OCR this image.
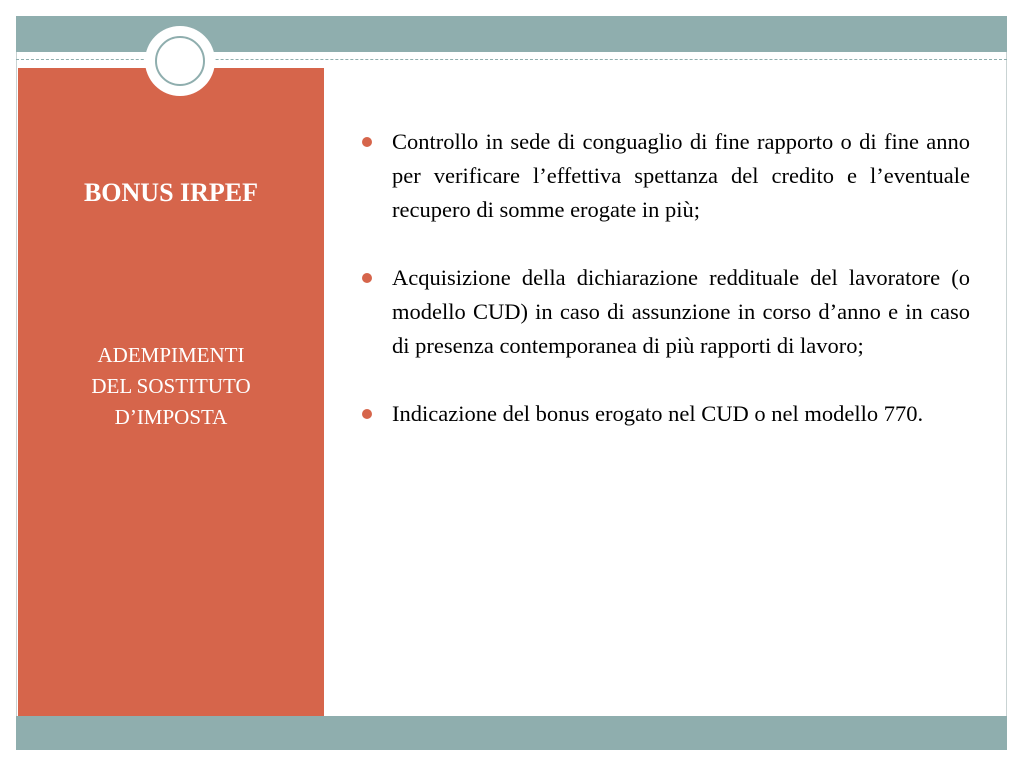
BONUS IRPEF

ADEMPIMENTI
DEL SOSTITUTO
D’IMPOSTA

Controllo in sede di conguaglio di fine rapporto o di fine anno per verificare l’effettiva spettanza del credito e l’eventuale recupero di somme erogate in più;
Acquisizione della dichiarazione reddituale del lavoratore (o modello CUD) in caso di assunzione in corso d’anno e in caso di presenza contemporanea di più rapporti di lavoro;
Indicazione del bonus erogato nel CUD o nel modello 770.
